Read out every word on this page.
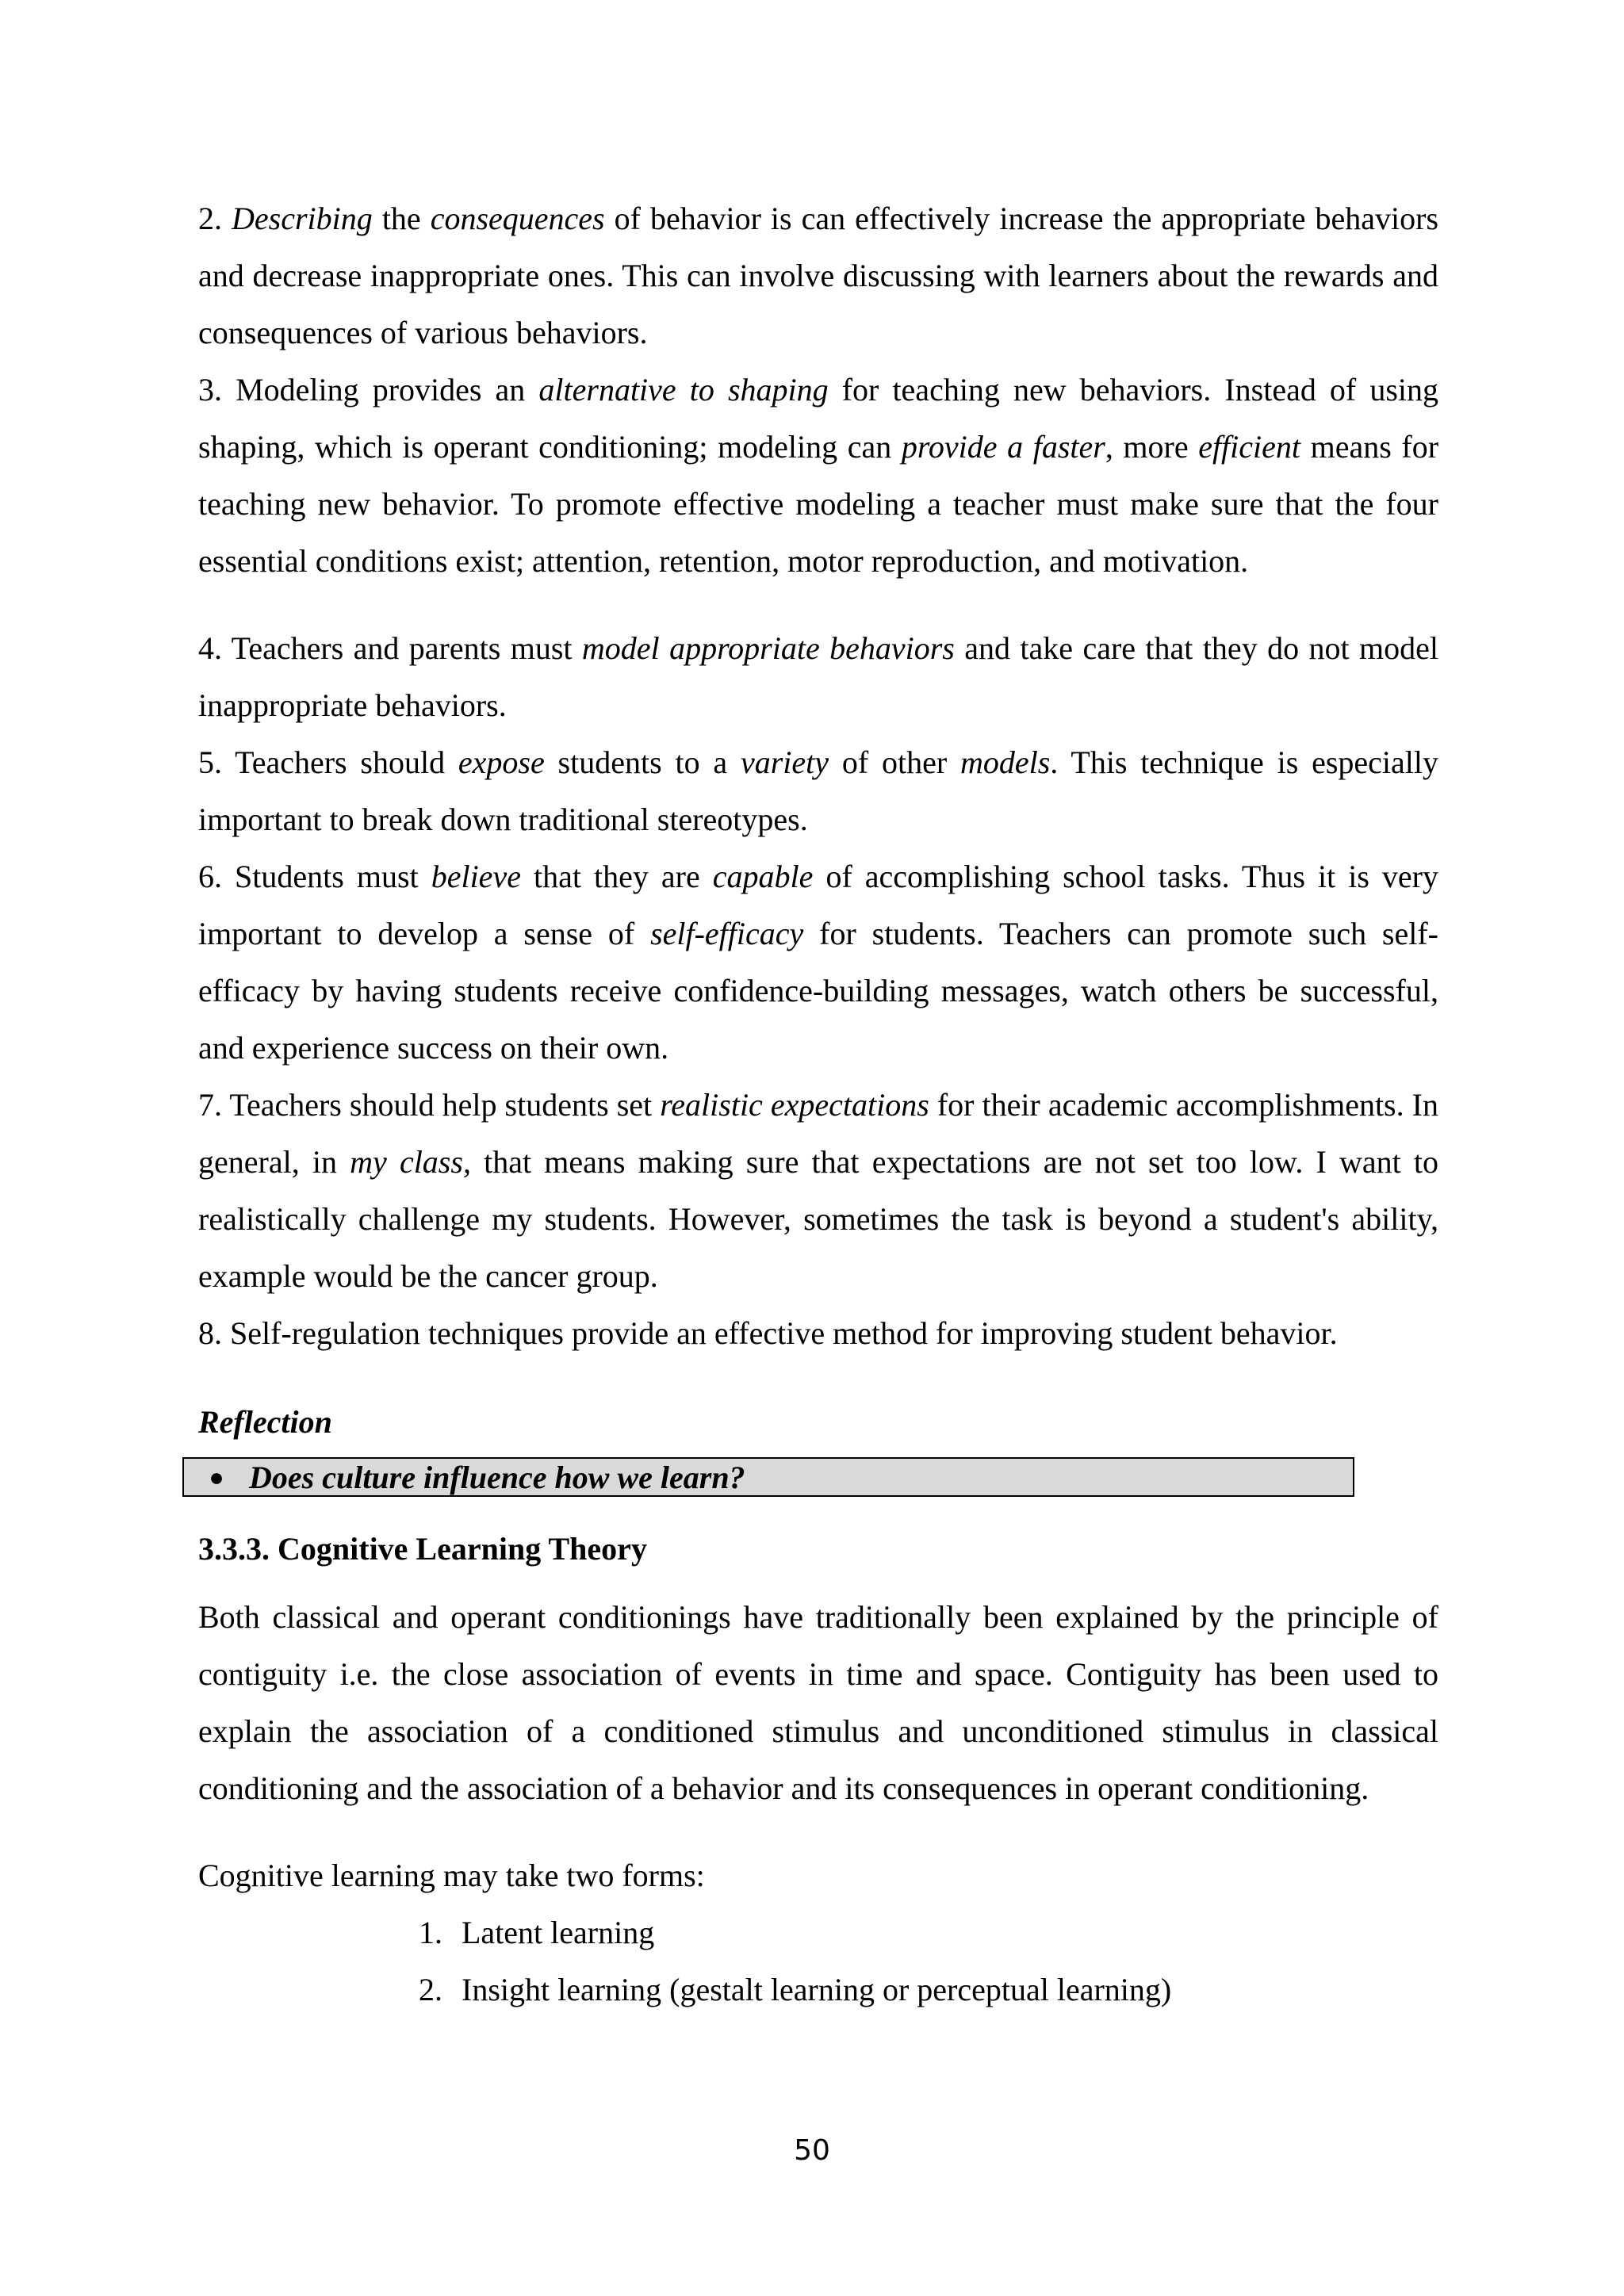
2. Describing the consequences of behavior is can effectively increase the appropriate behaviors and decrease inappropriate ones. This can involve discussing with learners about the rewards and consequences of various behaviors.

3. Modeling provides an alternative to shaping for teaching new behaviors. Instead of using shaping, which is operant conditioning; modeling can provide a faster, more efficient means for teaching new behavior. To promote effective modeling a teacher must make sure that the four essential conditions exist; attention, retention, motor reproduction, and motivation.

4. Teachers and parents must model appropriate behaviors and take care that they do not model inappropriate behaviors.

5. Teachers should expose students to a variety of other models. This technique is especially important to break down traditional stereotypes.

6. Students must believe that they are capable of accomplishing school tasks. Thus it is very important to develop a sense of self-efficacy for students. Teachers can promote such self-efficacy by having students receive confidence-building messages, watch others be successful, and experience success on their own.

7. Teachers should help students set realistic expectations for their academic accomplishments. In general, in my class, that means making sure that expectations are not set too low. I want to realistically challenge my students. However, sometimes the task is beyond a student's ability, example would be the cancer group.

8. Self-regulation techniques provide an effective method for improving student behavior.

Reflection

● Does culture influence how we learn?

3.3.3. Cognitive Learning Theory

Both classical and operant conditionings have traditionally been explained by the principle of contiguity i.e. the close association of events in time and space. Contiguity has been used to explain the association of a conditioned stimulus and unconditioned stimulus in classical conditioning and the association of a behavior and its consequences in operant conditioning.

Cognitive learning may take two forms:

1. Latent learning
2. Insight learning (gestalt learning or perceptual learning)
50
